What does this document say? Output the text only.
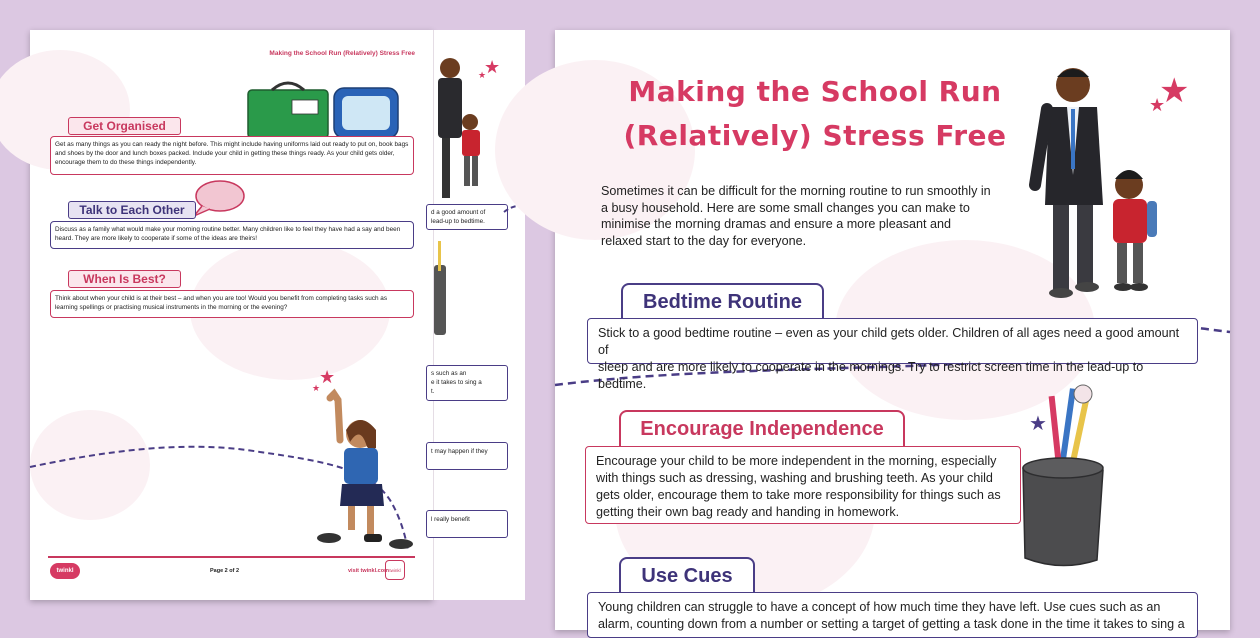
Making the School Run (Relatively) Stress Free
Get Organised
Get as many things as you can ready the night before. This might include having uniforms laid out ready to put on, book bags and shoes by the door and lunch boxes packed. Include your child in getting these things ready. As your child gets older, encourage them to do these things independently.
Talk to Each Other
Discuss as a family what would make your morning routine better. Many children like to feel they have had a say and been heard. They are more likely to cooperate if some of the ideas are theirs!
When Is Best?
Think about when your child is at their best – and when you are too! Would you benefit from completing tasks such as learning spellings or practising musical instruments in the morning or the evening?
★
★
twinkl	Page 2 of 2	visit twinkl.com twinkl
★
★
d a good amount of
lead-up to bedtime.
s such as an
e it takes to sing a
t.
t may happen if they
l really benefit
Making the School Run
(Relatively) Stress Free
Sometimes it can be difficult for the morning routine to run smoothly in a busy household. Here are some small changes you can make to minimise the morning dramas and ensure a more pleasant and relaxed start to the day for everyone.
★
★
Bedtime Routine
Stick to a good bedtime routine – even as your child gets older. Children of all ages need a good amount of
sleep and are more likely to cooperate in the mornings. Try to restrict screen time in the lead-up to bedtime.
Encourage Independence
Encourage your child to be more independent in the morning, especially with things such as dressing, washing and brushing teeth. As your child gets older, encourage them to take more responsibility for things such as getting their own bag ready and handing in homework.
★
Use Cues
Young children can struggle to have a concept of how much time they have left. Use cues such as an
alarm, counting down from a number or setting a target of getting a task done in the time it takes to sing a
